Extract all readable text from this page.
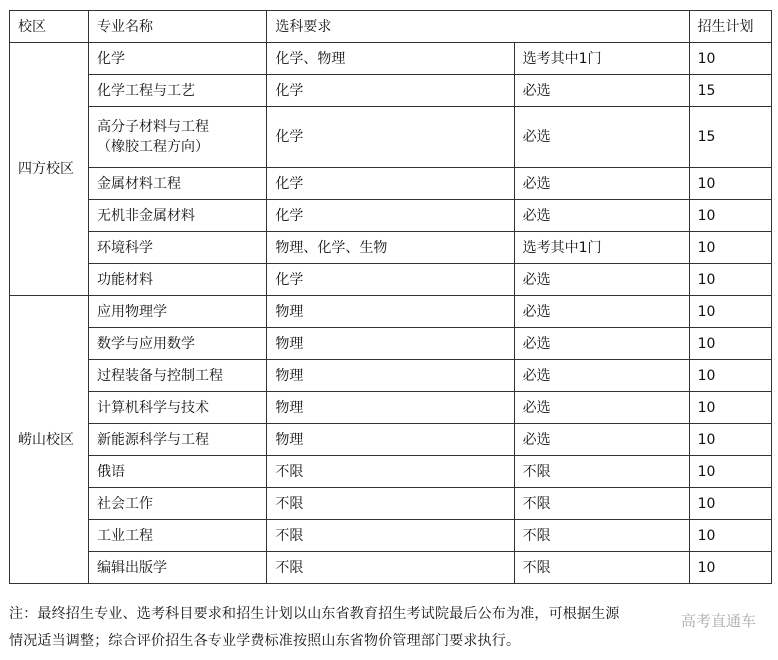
校区	专业名称	选科要求		招生计划
四方校区	化学	化学、物理	选考其中1门	10
	化学工程与工艺	化学	必选	15

	高分子材料与工程
（橡胶工程方向）	化学	必选	15
	金属材料工程	化学	必选	10
	无机非金属材料	化学	必选	10
	环境科学	物理、化学、生物	选考其中1门	10
	功能材料	化学	必选	10
崂山校区	应用物理学	物理	必选	10
	数学与应用数学	物理	必选	10
	过程装备与控制工程	物理	必选	10
	计算机科学与技术	物理	必选	10
	新能源科学与工程	物理	必选	10
	俄语	不限	不限	10
	社会工作	不限	不限	10
	工业工程	不限	不限	10
	编辑出版学	不限	不限	10
注：最终招生专业、选考科目要求和招生计划以山东省教育招生考试院最后公布为准，可根据生源
情况适当调整；综合评价招生各专业学费标准按照山东省物价管理部门要求执行。
高考直通车
